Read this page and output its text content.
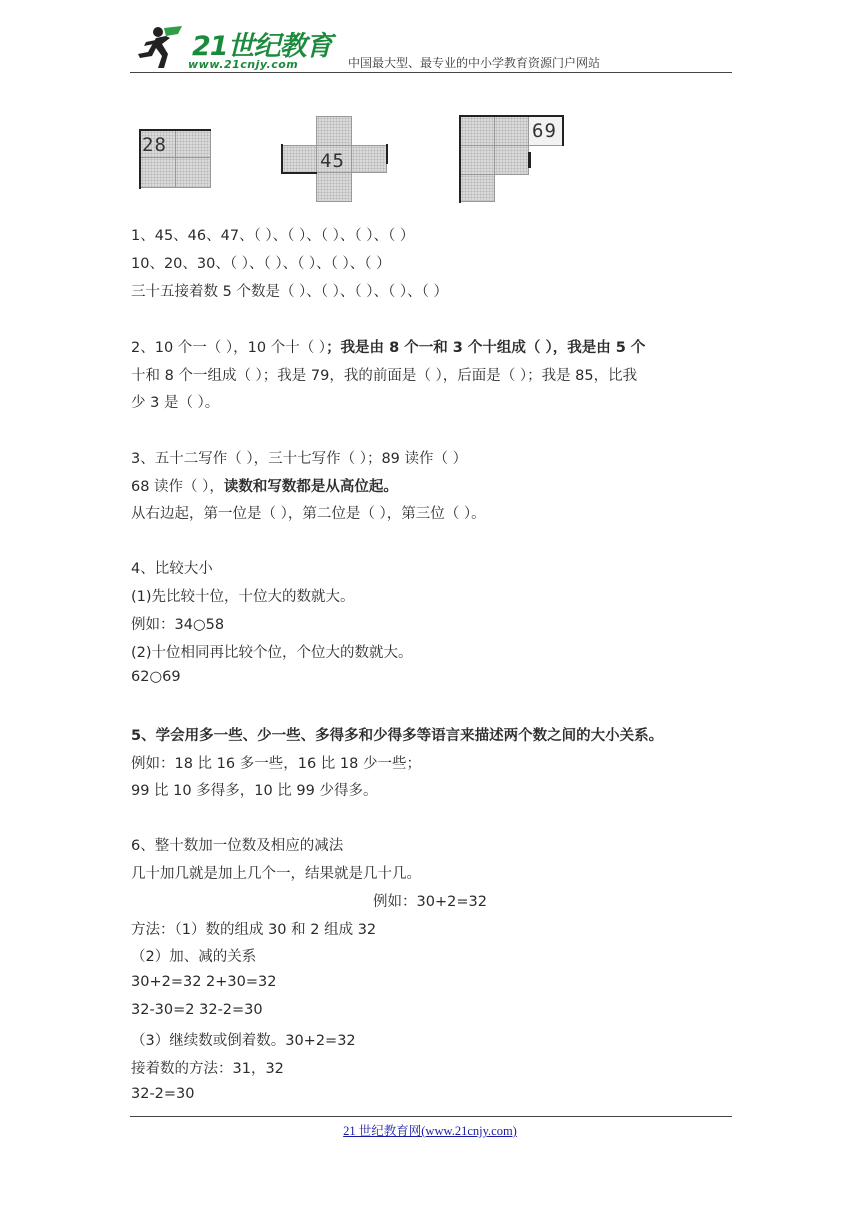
21世纪教育
www.21cnjy.com	中国最大型、最专业的中小学教育资源门户网站
28
45
69
1、45、46、47、（ ）、（ ）、（ ）、（ ）、（ ）
10、20、30、（ ）、（ ）、（ ）、（ ）、（ ）
三十五接着数 5 个数是（ ）、（ ）、（ ）、（ ）、（ ）
2、10 个一（ ），10 个十（ ）；我是由 8 个一和 3 个十组成（ ），我是由 5 个
十和 8 个一组成（ ）；我是 79，我的前面是（ ），后面是（ ）；我是 85，比我
少 3 是（ ）。
3、五十二写作（ ），三十七写作（ ）；89 读作（ ）
68 读作（ ），读数和写数都是从高位起。
从右边起，第一位是（ ），第二位是（ ），第三位（ ）。
4、比较大小
(1)先比较十位，十位大的数就大。
例如：34○58
(2)十位相同再比较个位，个位大的数就大。
62○69
5、学会用多一些、少一些、多得多和少得多等语言来描述两个数之间的大小关系。
例如：18 比 16 多一些，16 比 18 少一些；
99 比 10 多得多，10 比 99 少得多。
6、整十数加一位数及相应的减法
几十加几就是加上几个一，结果就是几十几。
例如：30+2=32
方法：（1）数的组成 30 和 2 组成 32
（2）加、减的关系
30+2=32 2+30=32
32-30=2 32-2=30
（3）继续数或倒着数。30+2=32
接着数的方法：31，32
32-2=30
21 世纪教育网(www.21cnjy.com)
